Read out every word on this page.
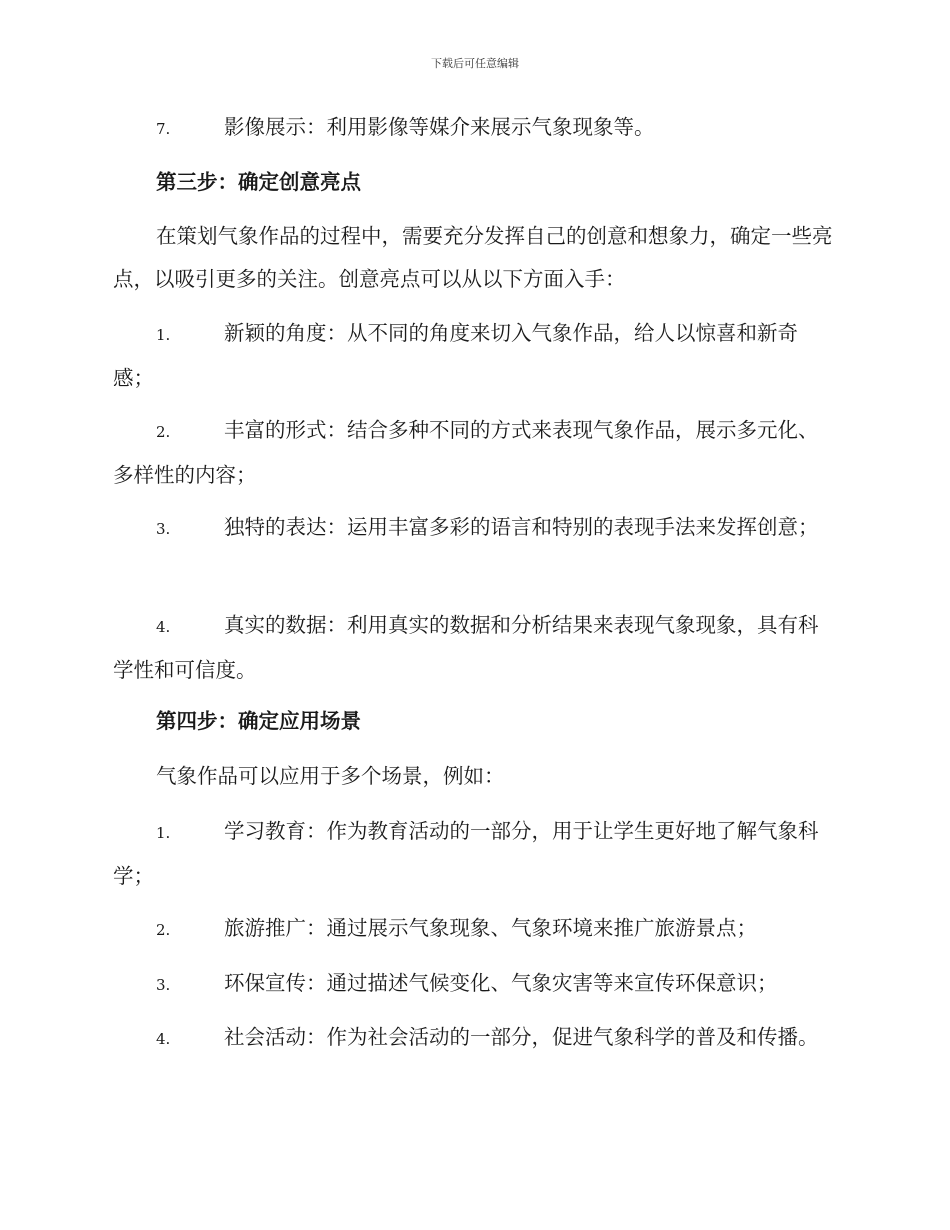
下载后可任意编辑

7.	影像展示：利用影像等媒介来展示气象现象等。

第三步：确定创意亮点

在策划气象作品的过程中，需要充分发挥自己的创意和想象力，确定一些亮点，以吸引更多的关注。创意亮点可以从以下方面入手：

1.	新颖的角度：从不同的角度来切入气象作品，给人以惊喜和新奇感；

2.	丰富的形式：结合多种不同的方式来表现气象作品，展示多元化、多样性的内容；

3.	独特的表达：运用丰富多彩的语言和特别的表现手法来发挥创意；

4.	真实的数据：利用真实的数据和分析结果来表现气象现象，具有科学性和可信度。

第四步：确定应用场景

气象作品可以应用于多个场景，例如：

1.	学习教育：作为教育活动的一部分，用于让学生更好地了解气象科学；

2.	旅游推广：通过展示气象现象、气象环境来推广旅游景点；

3.	环保宣传：通过描述气候变化、气象灾害等来宣传环保意识；

4.	社会活动：作为社会活动的一部分，促进气象科学的普及和传播。
